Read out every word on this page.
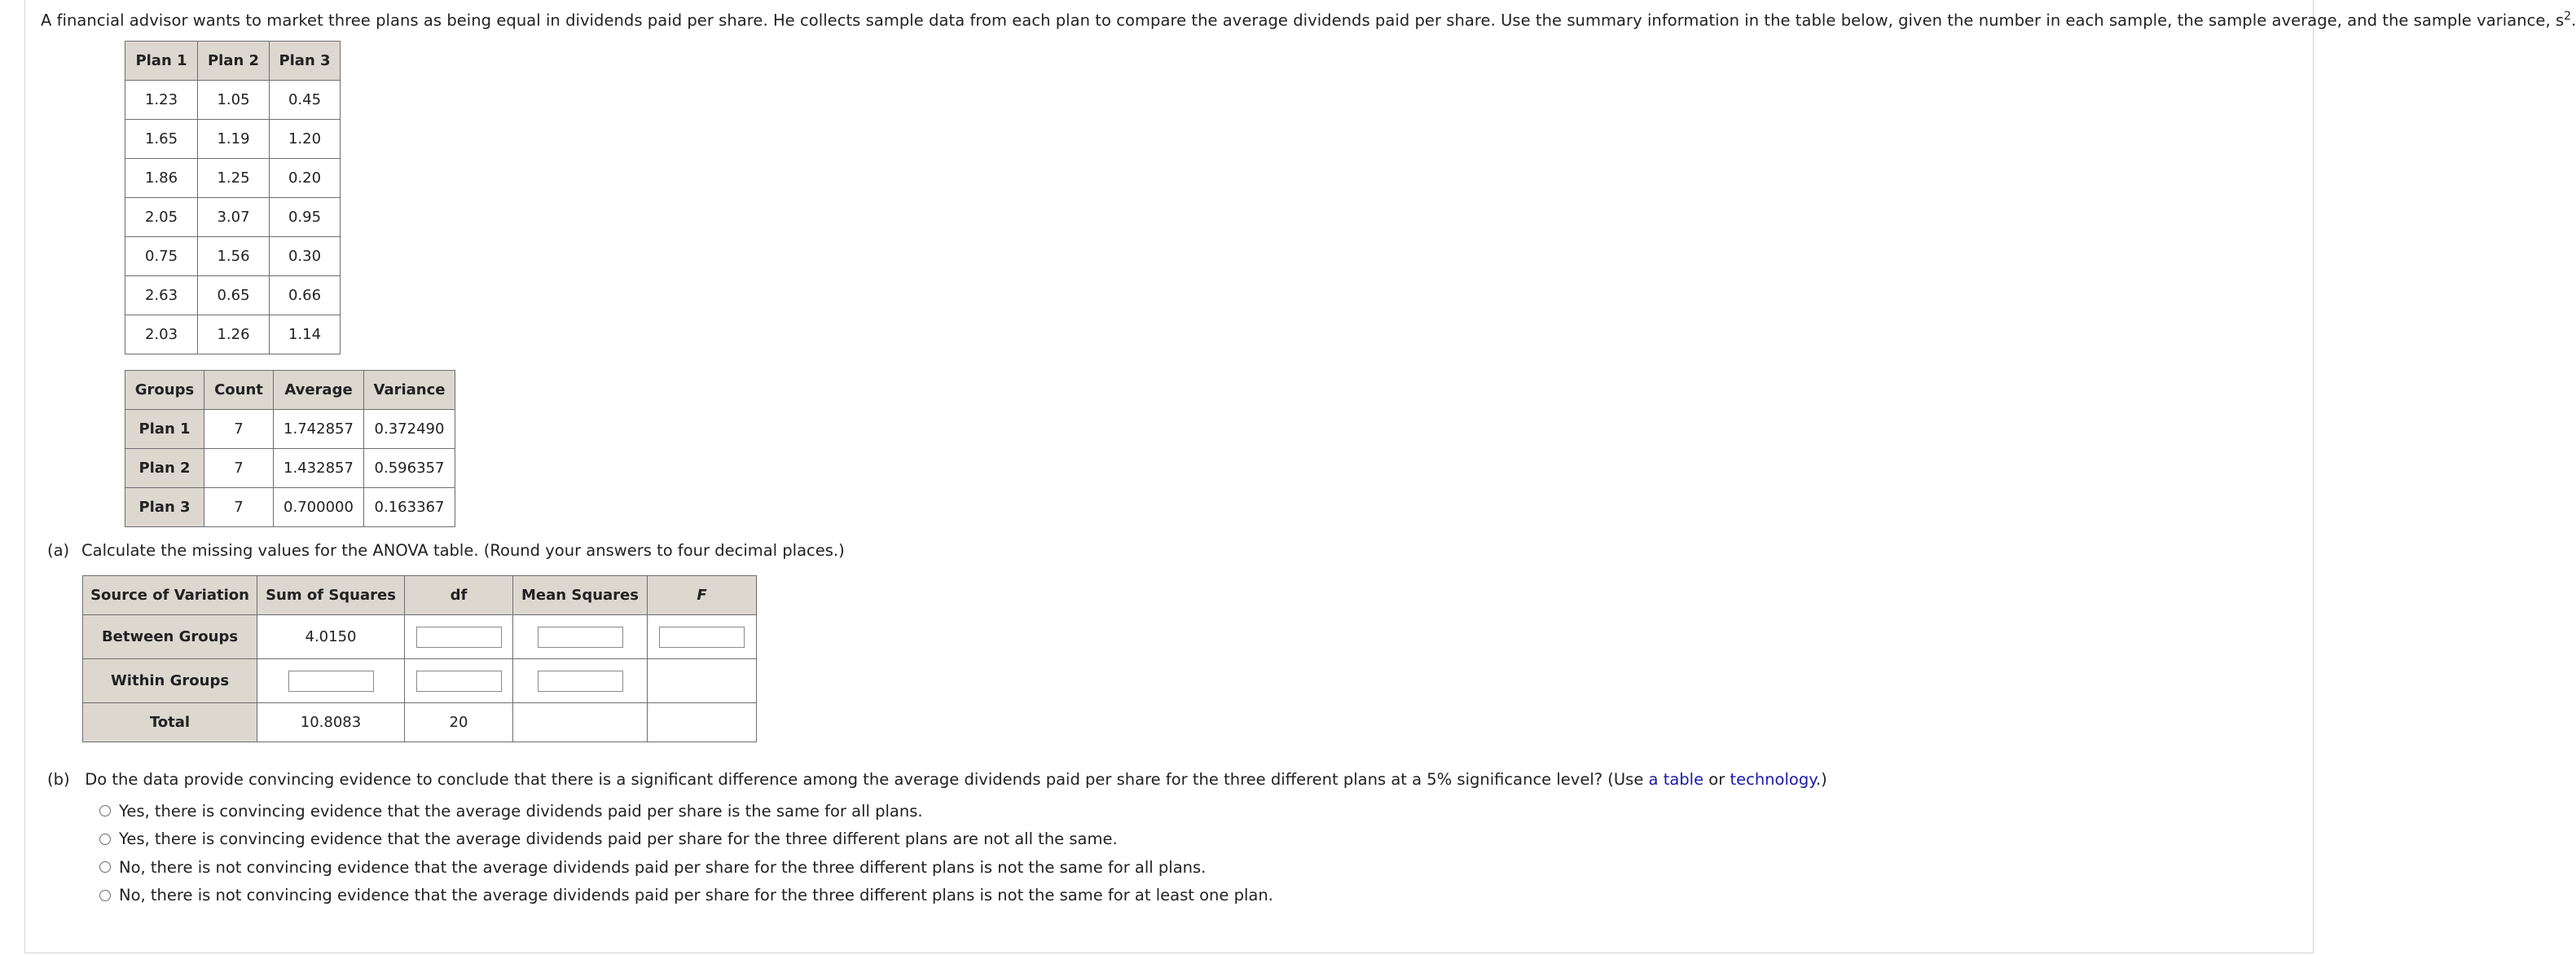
A financial advisor wants to market three plans as being equal in dividends paid per share. He collects sample data from each plan to compare the average dividends paid per share. Use the summary information in the table below, given the number in each sample, the sample average, and the sample variance, $s^2$.
Plan 1	Plan 2	Plan 3
1.23	1.05	0.45
1.65	1.19	1.20
1.86	1.25	0.20
2.05	3.07	0.95
0.75	1.56	0.30
2.63	0.65	0.66
2.03	1.26	1.14
Groups	Count	Average	Variance
Plan 1	7	1.742857	0.372490
Plan 2	7	1.432857	0.596357
Plan 3	7	0.700000	0.163367
(a) Calculate the missing values for the ANOVA table. (Round your answers to four decimal places.)
Source of Variation	Sum of Squares	df	Mean Squares	F
Between Groups	4.0150			
Within Groups				
Total	10.8083	20		
(b) Do the data provide convincing evidence to conclude that there is a significant difference among the average dividends paid per share for the three different plans at a 5% significance level? (Use a table or technology.)
Yes, there is convincing evidence that the average dividends paid per share is the same for all plans.
Yes, there is convincing evidence that the average dividends paid per share for the three different plans are not all the same.
No, there is not convincing evidence that the average dividends paid per share for the three different plans is not the same for all plans.
No, there is not convincing evidence that the average dividends paid per share for the three different plans is not the same for at least one plan.
